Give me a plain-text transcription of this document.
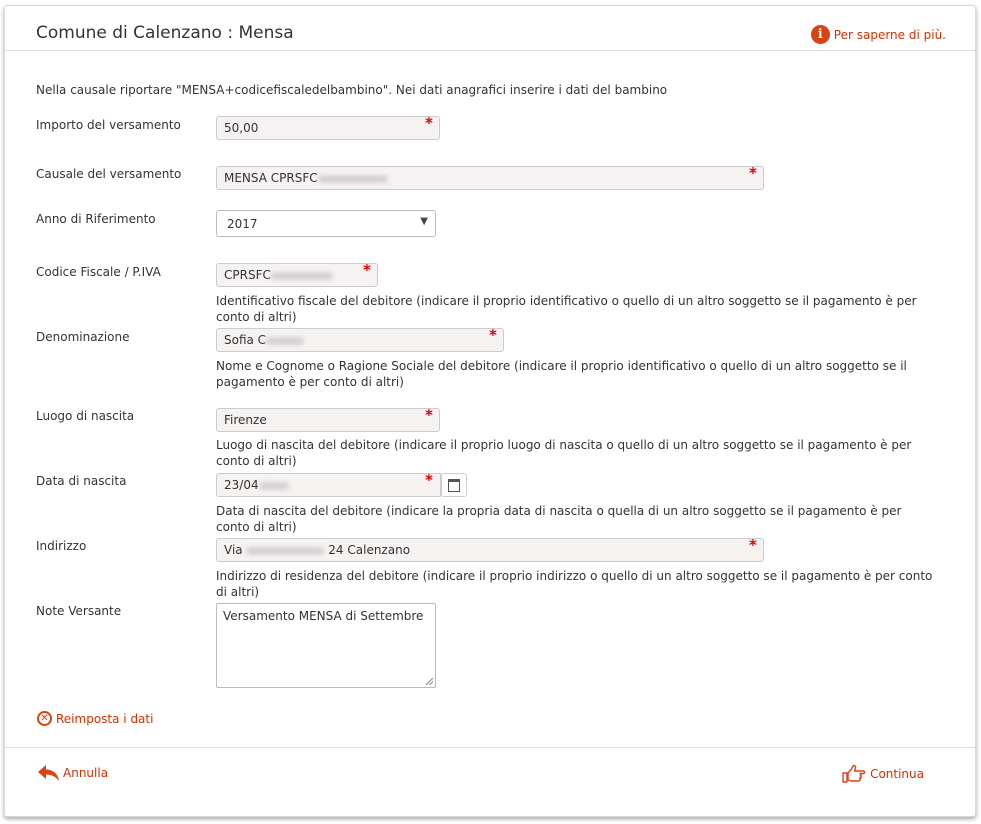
Comune di Calenzano : Mensa	i Per saperne di più.
Nella causale riportare "MENSA+codicefiscaledelbambino". Nei dati anagrafici inserire i dati del bambino
Importo del versamento	50,00	*
Causale del versamento	MENSA CPRSFC	*
Anno di Riferimento	2017	▼
Codice Fiscale / P.IVA	CPRSFC	*
Identificativo fiscale del debitore (indicare il proprio identificativo o quello di un altro soggetto se il pagamento è per conto di altri)
Denominazione	Sofia C	*
Nome e Cognome o Ragione Sociale del debitore (indicare il proprio identificativo o quello di un altro soggetto se il pagamento è per conto di altri)
Luogo di nascita	Firenze	*
Luogo di nascita del debitore (indicare il proprio luogo di nascita o quello di un altro soggetto se il pagamento è per conto di altri)
Data di nascita	23/04	*
Data di nascita del debitore (indicare la propria data di nascita o quella di un altro soggetto se il pagamento è per conto di altri)
Indirizzo	Via	24 Calenzano	*
Indirizzo di residenza del debitore (indicare il proprio indirizzo o quello di un altro soggetto se il pagamento è per conto di altri)
Note Versante	Versamento MENSA di Settembre
✕ Reimposta i dati
Annulla	Continua
